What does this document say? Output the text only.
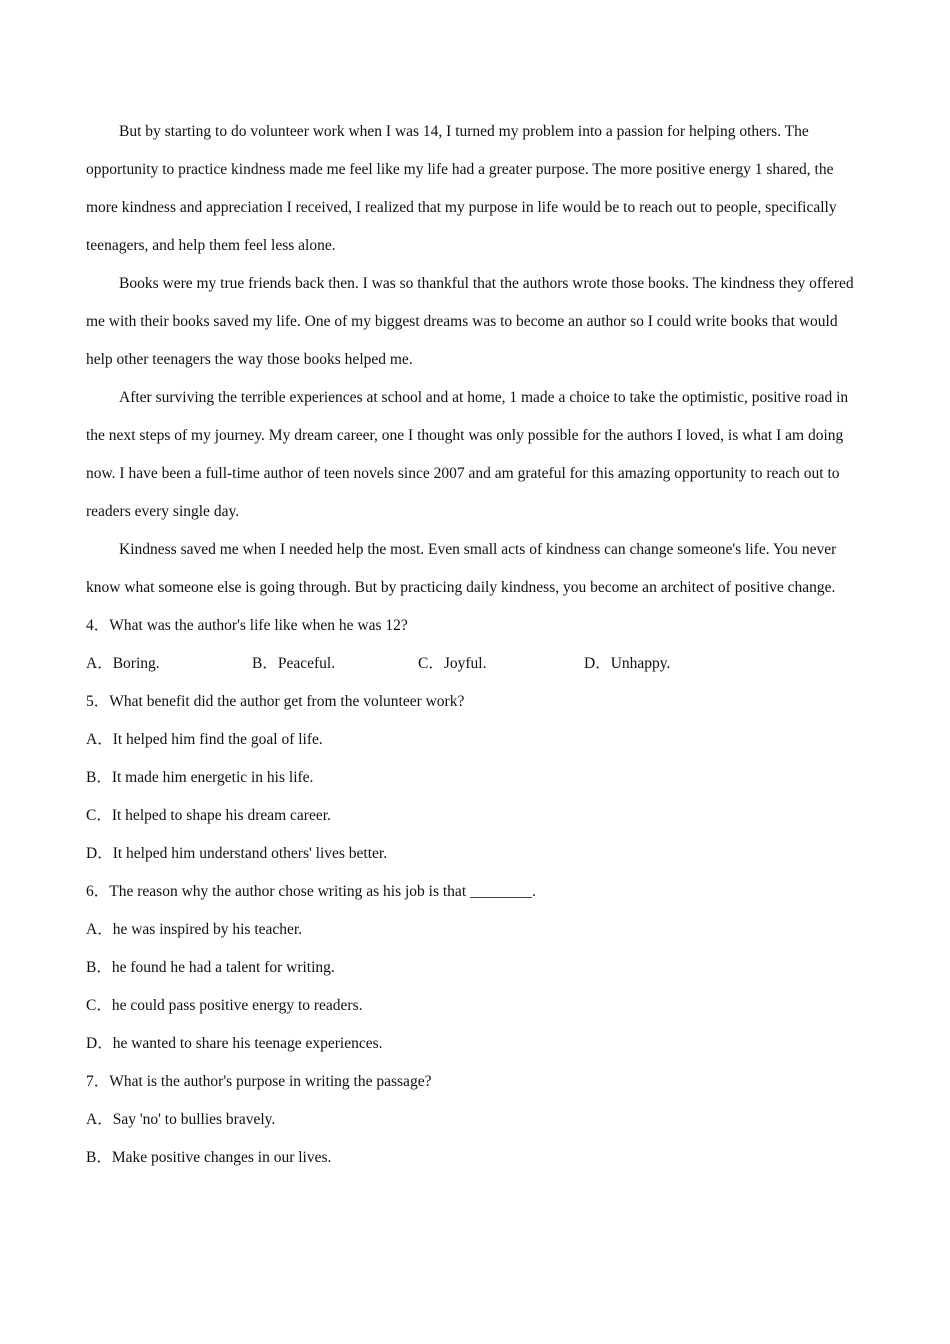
But by starting to do volunteer work when I was 14, I turned my problem into a passion for helping others. The opportunity to practice kindness made me feel like my life had a greater purpose. The more positive energy 1 shared, the more kindness and appreciation I received, I realized that my purpose in life would be to reach out to people, specifically teenagers, and help them feel less alone.

Books were my true friends back then. I was so thankful that the authors wrote those books. The kindness they offered me with their books saved my life. One of my biggest dreams was to become an author so I could write books that would help other teenagers the way those books helped me.

After surviving the terrible experiences at school and at home, 1 made a choice to take the optimistic, positive road in the next steps of my journey. My dream career, one I thought was only possible for the authors I loved, is what I am doing now. I have been a full-time author of teen novels since 2007 and am grateful for this amazing opportunity to reach out to readers every single day.

Kindness saved me when I needed help the most. Even small acts of kindness can change someone's life. You never know what someone else is going through. But by practicing daily kindness, you become an architect of positive change.

4．What was the author's life like when he was 12?

A．Boring.	B．Peaceful.	C．Joyful.	D．Unhappy.

5．What benefit did the author get from the volunteer work?

A．It helped him find the goal of life.

B．It made him energetic in his life.

C．It helped to shape his dream career.

D．It helped him understand others' lives better.

6．The reason why the author chose writing as his job is that ________.

A．he was inspired by his teacher.

B．he found he had a talent for writing.

C．he could pass positive energy to readers.

D．he wanted to share his teenage experiences.

7．What is the author's purpose in writing the passage?

A．Say 'no' to bullies bravely.

B．Make positive changes in our lives.
